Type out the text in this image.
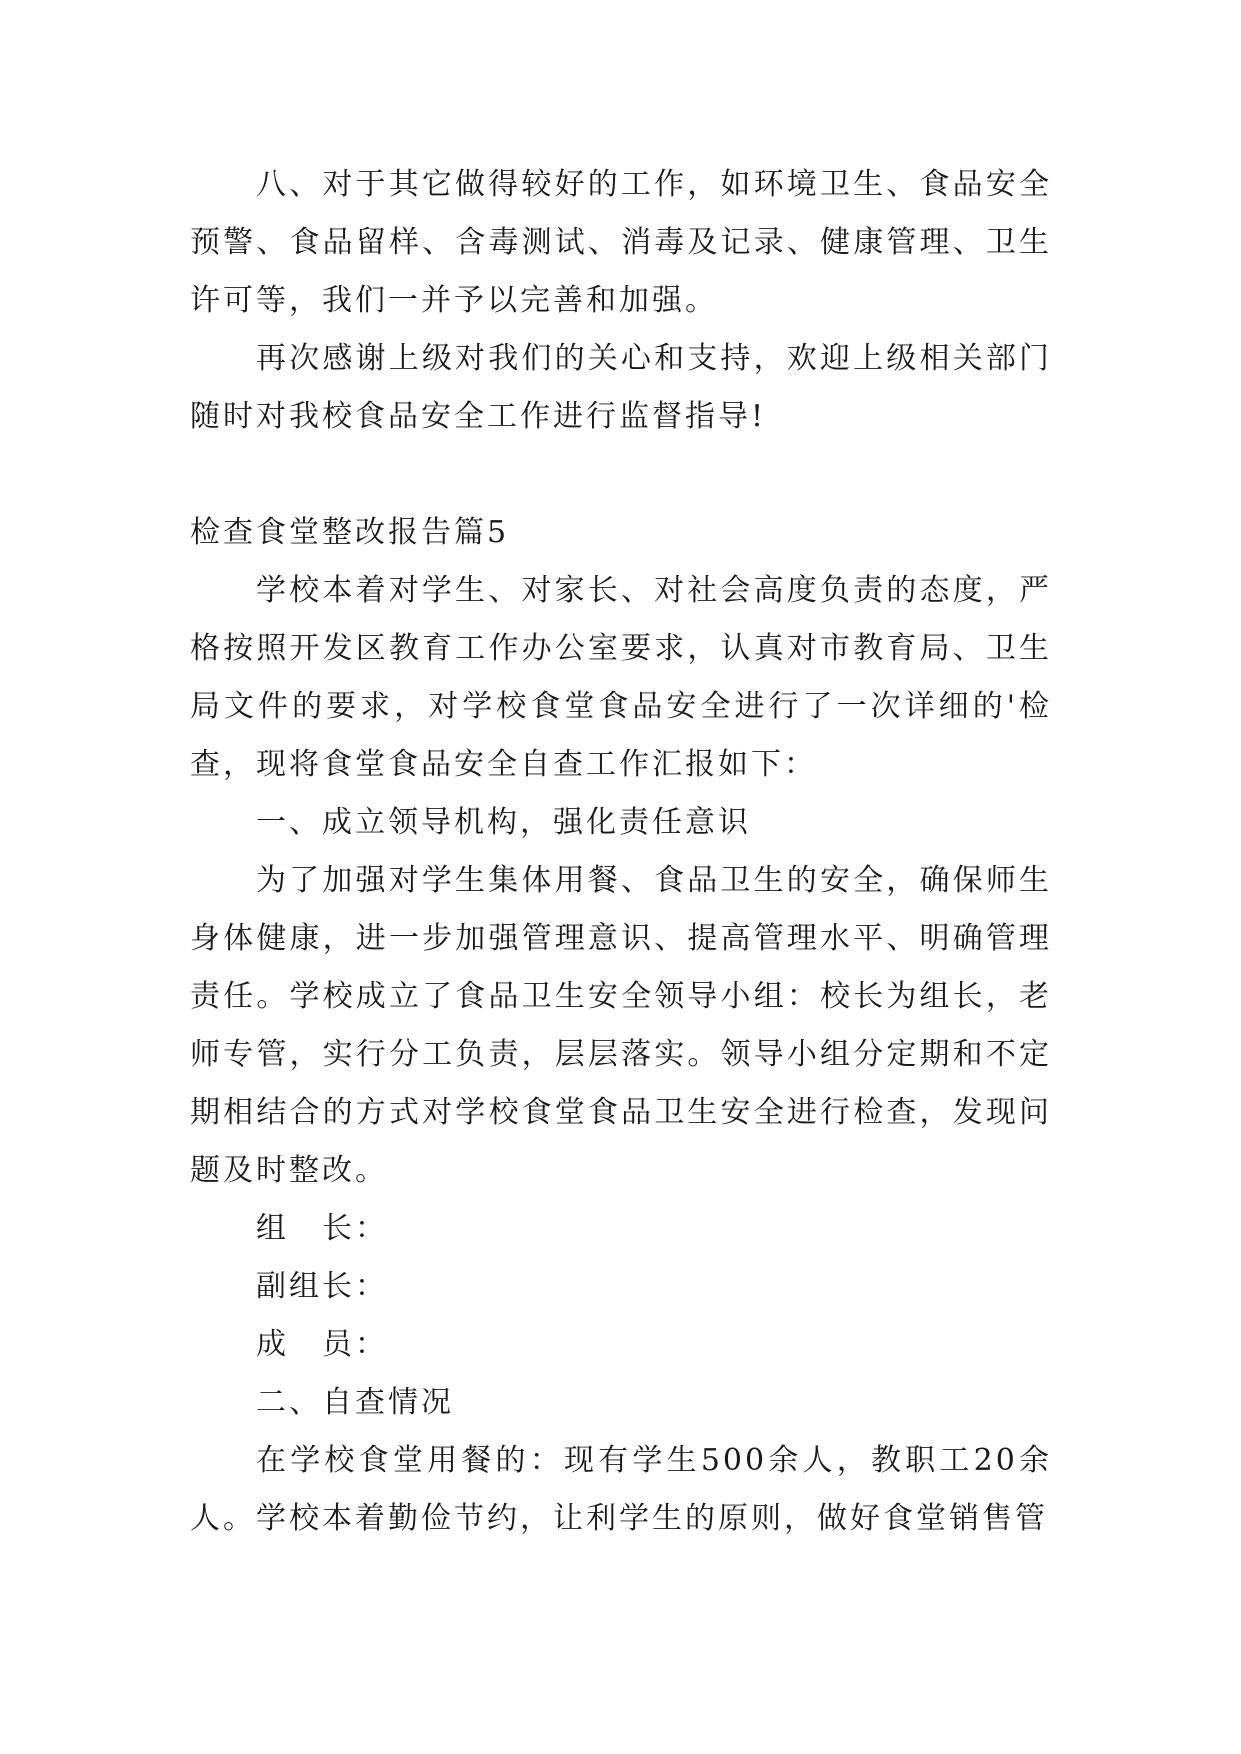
八、对于其它做得较好的工作，如环境卫生、食品安全预警、食品留样、含毒测试、消毒及记录、健康管理、卫生许可等，我们一并予以完善和加强。

再次感谢上级对我们的关心和支持，欢迎上级相关部门随时对我校食品安全工作进行监督指导!

检查食堂整改报告篇5

学校本着对学生、对家长、对社会高度负责的态度，严格按照开发区教育工作办公室要求，认真对市教育局、卫生局文件的要求，对学校食堂食品安全进行了一次详细的'检查，现将食堂食品安全自查工作汇报如下：

一、成立领导机构，强化责任意识

为了加强对学生集体用餐、食品卫生的安全，确保师生身体健康，进一步加强管理意识、提高管理水平、明确管理责任。学校成立了食品卫生安全领导小组：校长为组长，老师专管，实行分工负责，层层落实。领导小组分定期和不定期相结合的方式对学校食堂食品卫生安全进行检查，发现问题及时整改。

组　长：

副组长：

成　员：

二、自查情况

在学校食堂用餐的：现有学生500余人，教职工20余人。学校本着勤俭节约，让利学生的原则，做好食堂销售管
